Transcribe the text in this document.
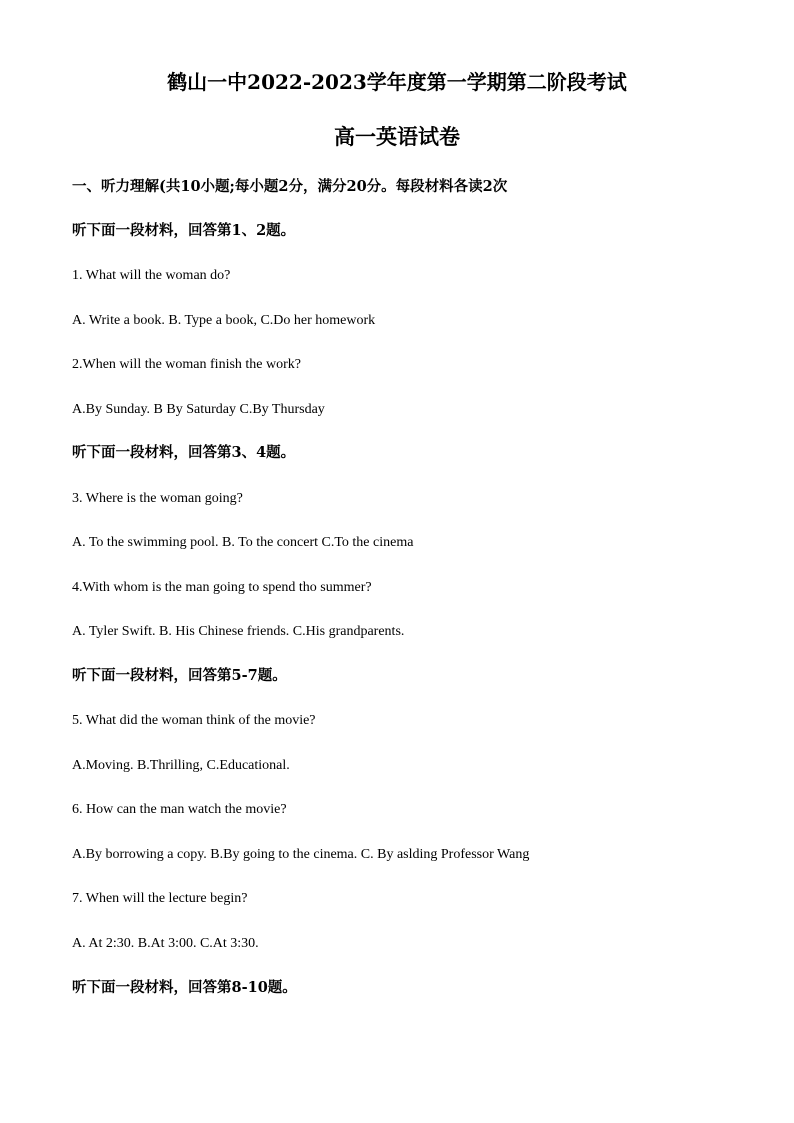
鹤山一中2022-2023学年度第一学期第二阶段考试
高一英语试卷
一、听力理解(共10小题;每小题2分，满分20分。每段材料各读2次
听下面一段材料，回答第1、2题。
1. What will the woman do?
A. Write a book. B. Type a book, C.Do her homework
2.When will the woman finish the work?
A.By Sunday. B By Saturday C.By Thursday
听下面一段材料，回答第3、4题。
3. Where is the woman going?
A. To the swimming pool. B. To the concert C.To the cinema
4.With whom is the man going to spend tho summer?
A. Tyler Swift. B. His Chinese friends. C.His grandparents.
听下面一段材料，回答第5-7题。
5. What did the woman think of the movie?
A.Moving. B.Thrilling, C.Educational.
6. How can the man watch the movie?
A.By borrowing a copy. B.By going to the cinema. C. By aslding Professor Wang
7. When will the lecture begin?
A. At 2:30. B.At 3:00. C.At 3:30.
听下面一段材料，回答第8-10题。
